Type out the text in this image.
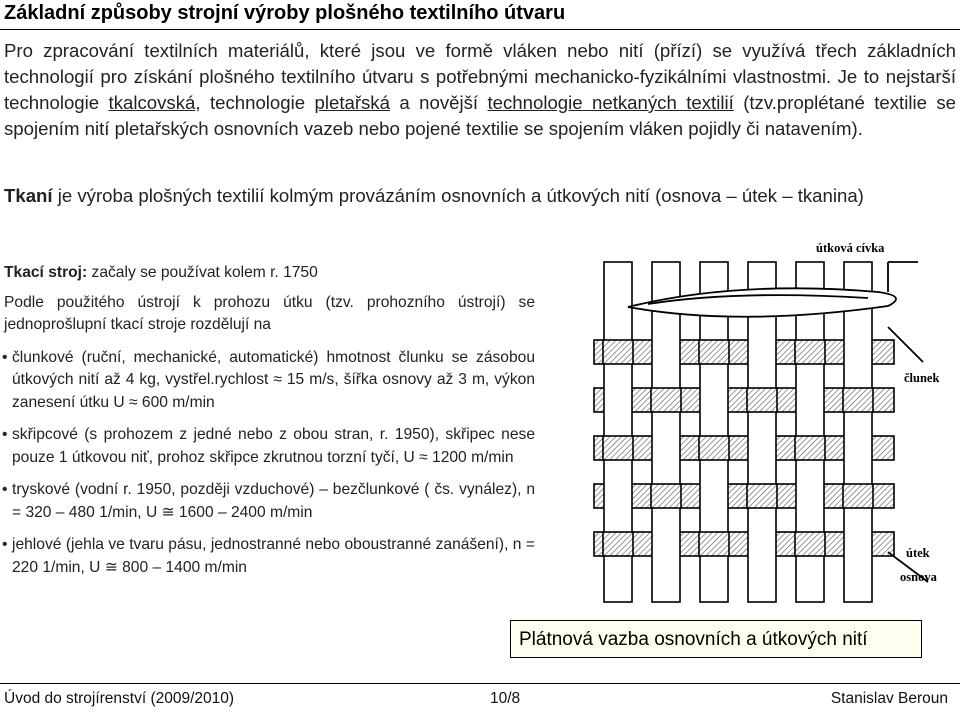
Základní způsoby strojní výroby plošného textilního útvaru
Pro zpracování textilních materiálů, které jsou ve formě vláken nebo nití (přízí) se využívá třech základních technologií pro získání plošného textilního útvaru s potřebnými mechanicko-fyzikálními vlastnostmi. Je to nejstarší technologie tkalcovská, technologie pletařská a novější technologie netkaných textilií (tzv.proplétané textilie se spojením nití pletařských osnovních vazeb nebo pojené textilie se spojením vláken pojidly či natavením).
Tkaní je výroba plošných textilií kolmým provázáním osnovních a útkových nití (osnova – útek – tkanina)

Tkací stroj: začaly se používat kolem r. 1750

Podle použitého ústrojí k prohozu útku (tzv. prohozního ústrojí) se jednoprošlupní tkací stroje rozdělují na

• člunkové (ruční, mechanické, automatické) hmotnost člunku se zásobou útkových nití až 4 kg, vystřel.rychlost ≈ 15 m/s, šířka osnovy až 3 m, výkon zanesení útku U ≈ 600 m/min

• skřipcové (s prohozem z jedné nebo z obou stran, r. 1950), skřipec nese pouze 1 útkovou niť, prohoz skřipce zkrutnou torzní tyčí, U ≈ 1200 m/min

• tryskové (vodní r. 1950, později vzduchové) – bezčlunkové ( čs. vynález), n = 320 – 480 1/min, U ≅ 1600 – 2400 m/min

• jehlové (jehla ve tvaru pásu, jednostranné nebo oboustranné zanášení), n = 220 1/min, U ≅ 800 – 1400 m/min

útková cívka
člunek
útek
osnova
Plátnová vazba osnovních a útkových nití
Úvod do strojírenství (2009/2010)	10/8	Stanislav Beroun
